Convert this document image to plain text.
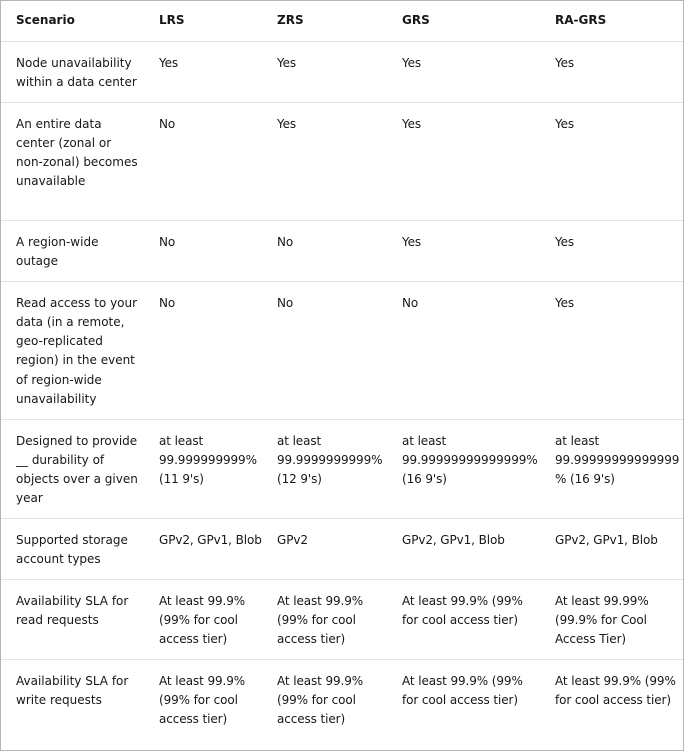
Scenario	LRS	ZRS	GRS	RA-GRS
Node unavailability within a data center	Yes	Yes	Yes	Yes
An entire data center (zonal or non-zonal) becomes unavailable	No	Yes	Yes	Yes
A region-wide outage	No	No	Yes	Yes
Read access to your data (in a remote, geo-replicated region) in the event of region-wide unavailability	No	No	No	Yes
Designed to provide __ durability of objects over a given year	at least 99.999999999% (11 9's)	at least 99.9999999999% (12 9's)	at least 99.99999999999999% (16 9's)	at least 99.99999999999999% (16 9's)
Supported storage account types	GPv2, GPv1, Blob	GPv2	GPv2, GPv1, Blob	GPv2, GPv1, Blob
Availability SLA for read requests	At least 99.9% (99% for cool access tier)	At least 99.9% (99% for cool access tier)	At least 99.9% (99% for cool access tier)	At least 99.99% (99.9% for Cool Access Tier)
Availability SLA for write requests	At least 99.9% (99% for cool access tier)	At least 99.9% (99% for cool access tier)	At least 99.9% (99% for cool access tier)	At least 99.9% (99% for cool access tier)
